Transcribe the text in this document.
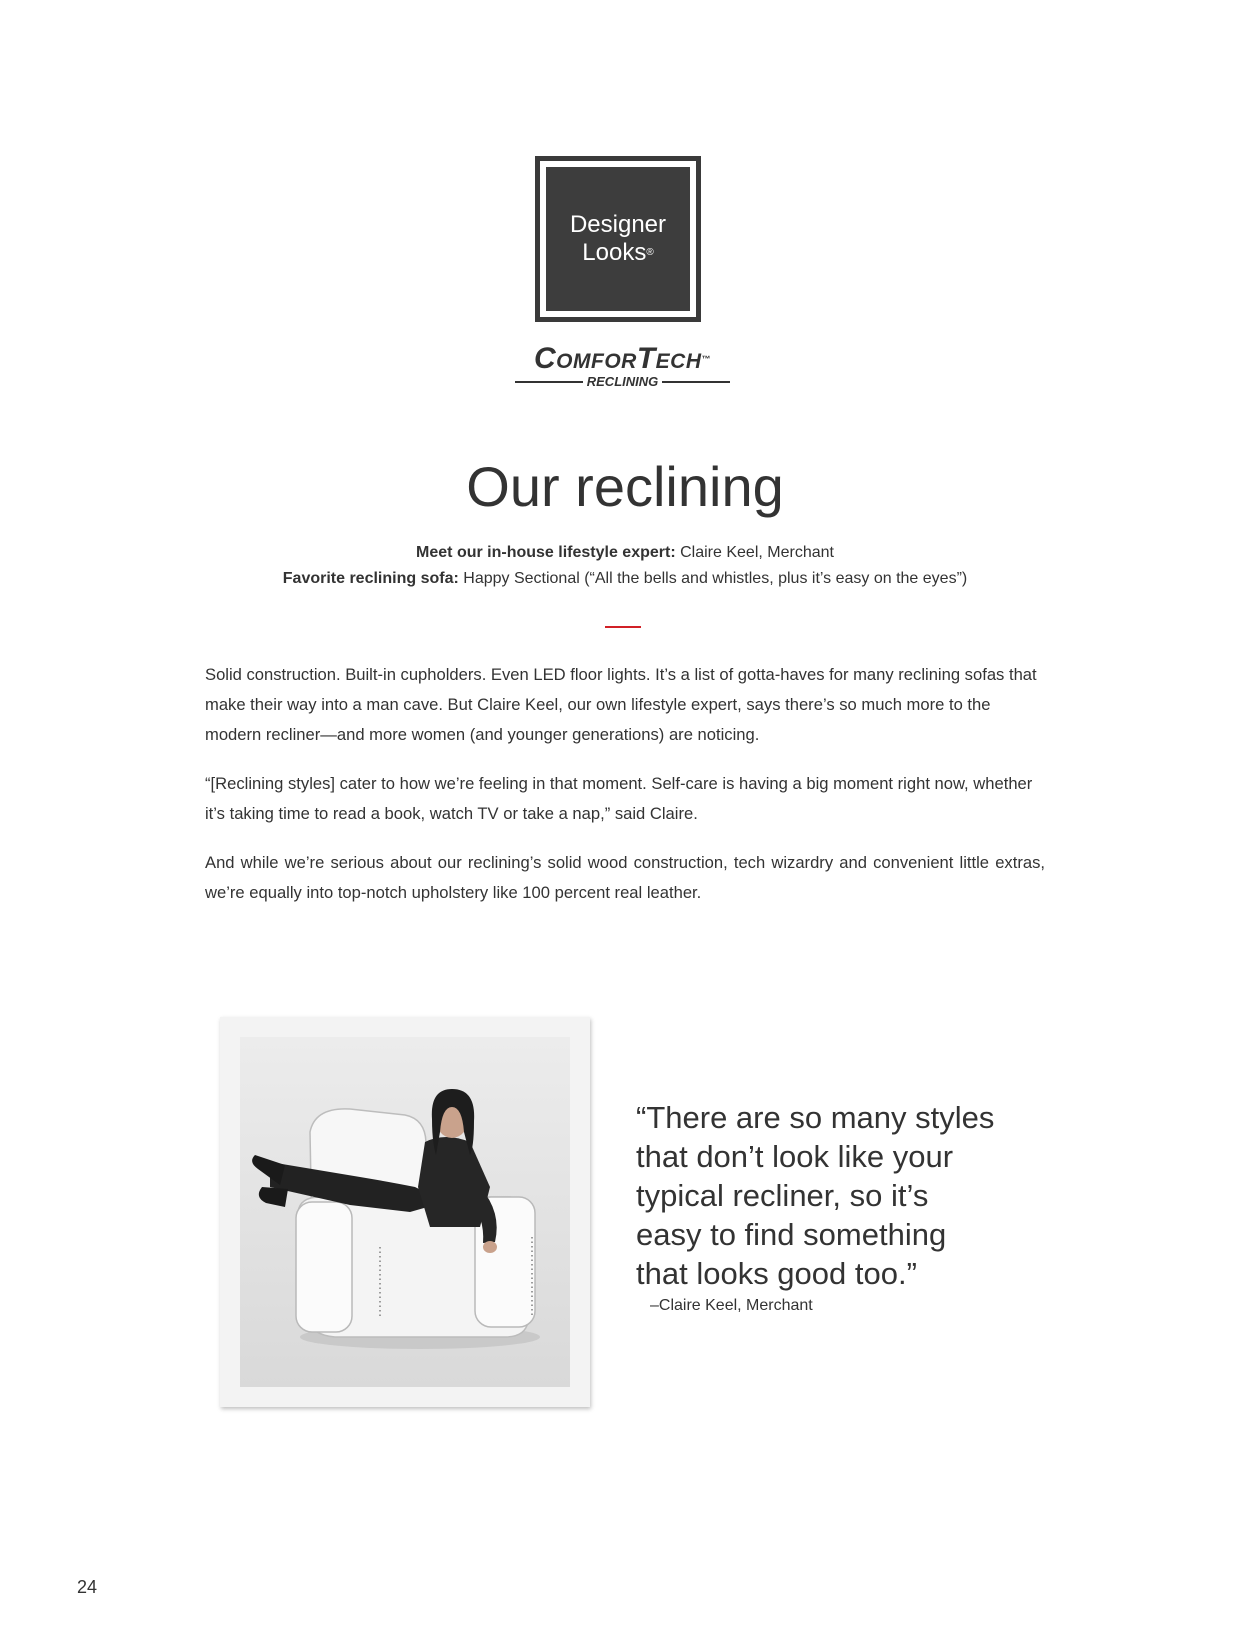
Designer
Looks®
ComforTech™
RECLINING
Our reclining
Meet our in-house lifestyle expert: Claire Keel, Merchant
Favorite reclining sofa: Happy Sectional (“All the bells and whistles, plus it’s easy on the eyes”)

Solid construction. Built-in cupholders. Even LED floor lights. It’s a list of gotta-haves for many reclining sofas that make their way into a man cave. But Claire Keel, our own lifestyle expert, says there’s so much more to the modern recliner—and more women (and younger generations) are noticing.

“[Reclining styles] cater to how we’re feeling in that moment. Self-care is having a big moment right now, whether it’s taking time to read a book, watch TV or take a nap,” said Claire.

And while we’re serious about our reclining’s solid wood construction, tech wizardry and convenient little extras, we’re equally into top-notch upholstery like 100 percent real leather.

“There are so many styles
that don’t look like your
typical recliner, so it’s
easy to find something
that looks good too.”
–Claire Keel, Merchant
24
